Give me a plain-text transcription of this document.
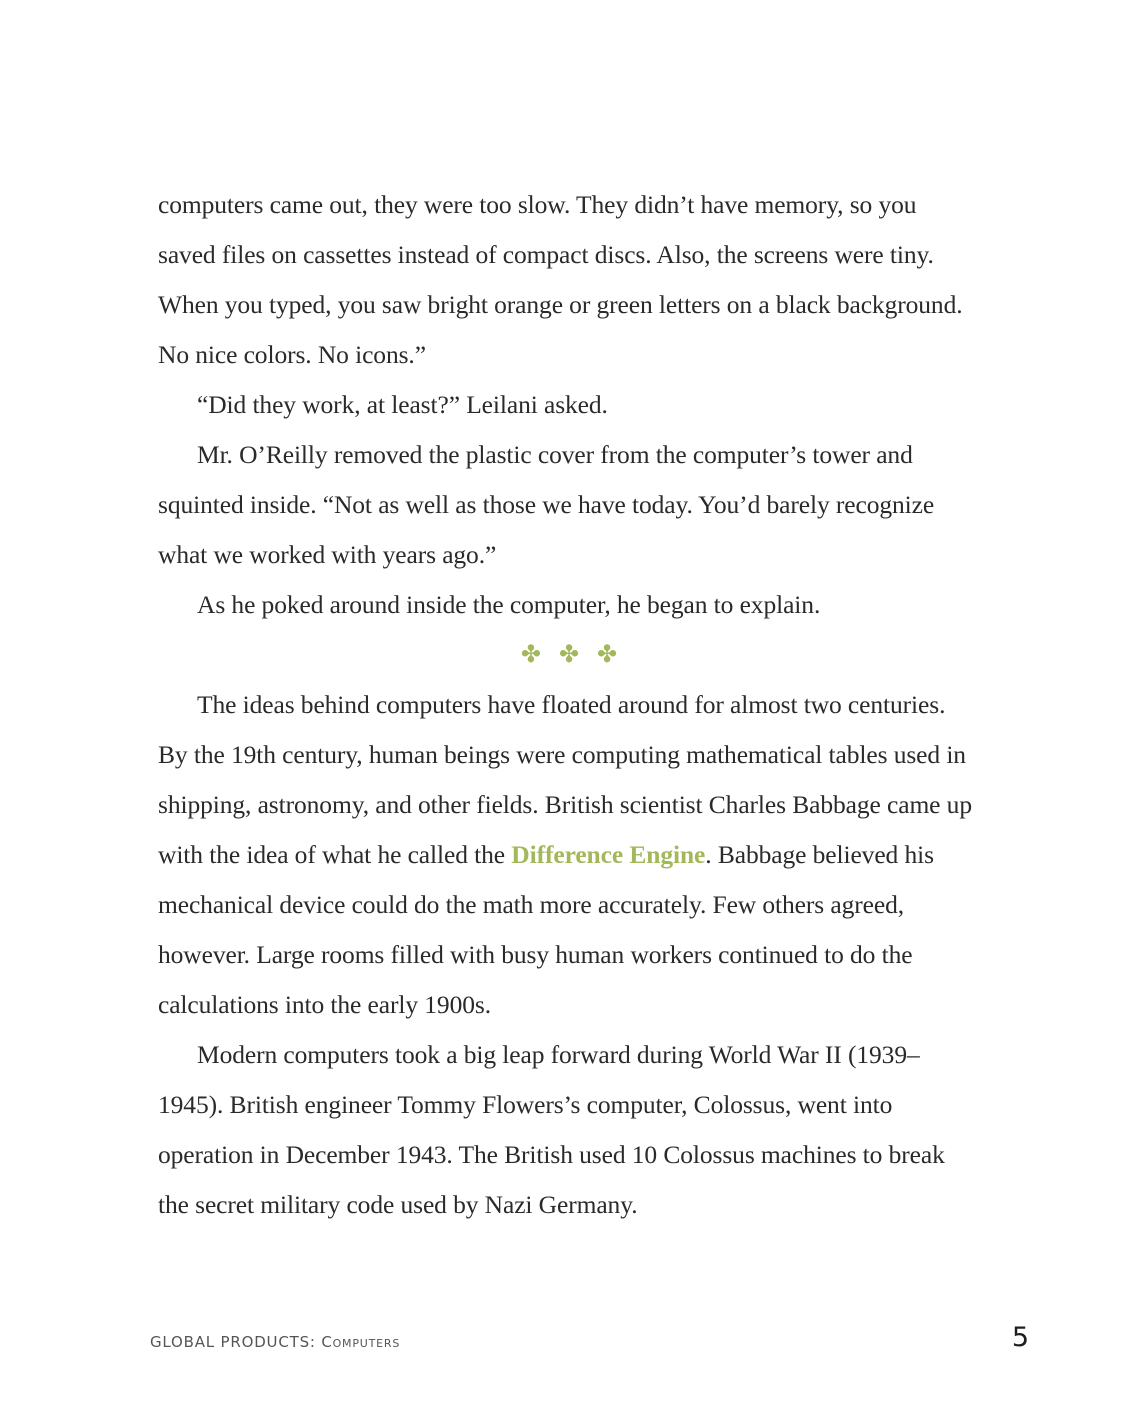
computers came out, they were too slow. They didn’t have memory, so you saved files on cassettes instead of compact discs. Also, the screens were tiny. When you typed, you saw bright orange or green letters on a black background. No nice colors. No icons.”

“Did they work, at least?” Leilani asked.

Mr. O’Reilly removed the plastic cover from the computer’s tower and squinted inside. “Not as well as those we have today. You’d barely recognize what we worked with years ago.”

As he poked around inside the computer, he began to explain.

✤ ✤ ✤

The ideas behind computers have floated around for almost two centuries. By the 19th century, human beings were computing mathematical tables used in shipping, astronomy, and other fields. British scientist Charles Babbage came up with the idea of what he called the Difference Engine. Babbage believed his mechanical device could do the math more accurately. Few others agreed, however. Large rooms filled with busy human workers continued to do the calculations into the early 1900s.

Modern computers took a big leap forward during World War II (1939–1945). British engineer Tommy Flowers’s computer, Colossus, went into operation in December 1943. The British used 10 Colossus machines to break the secret military code used by Nazi Germany.

GLOBAL PRODUCTS: Computers	5
